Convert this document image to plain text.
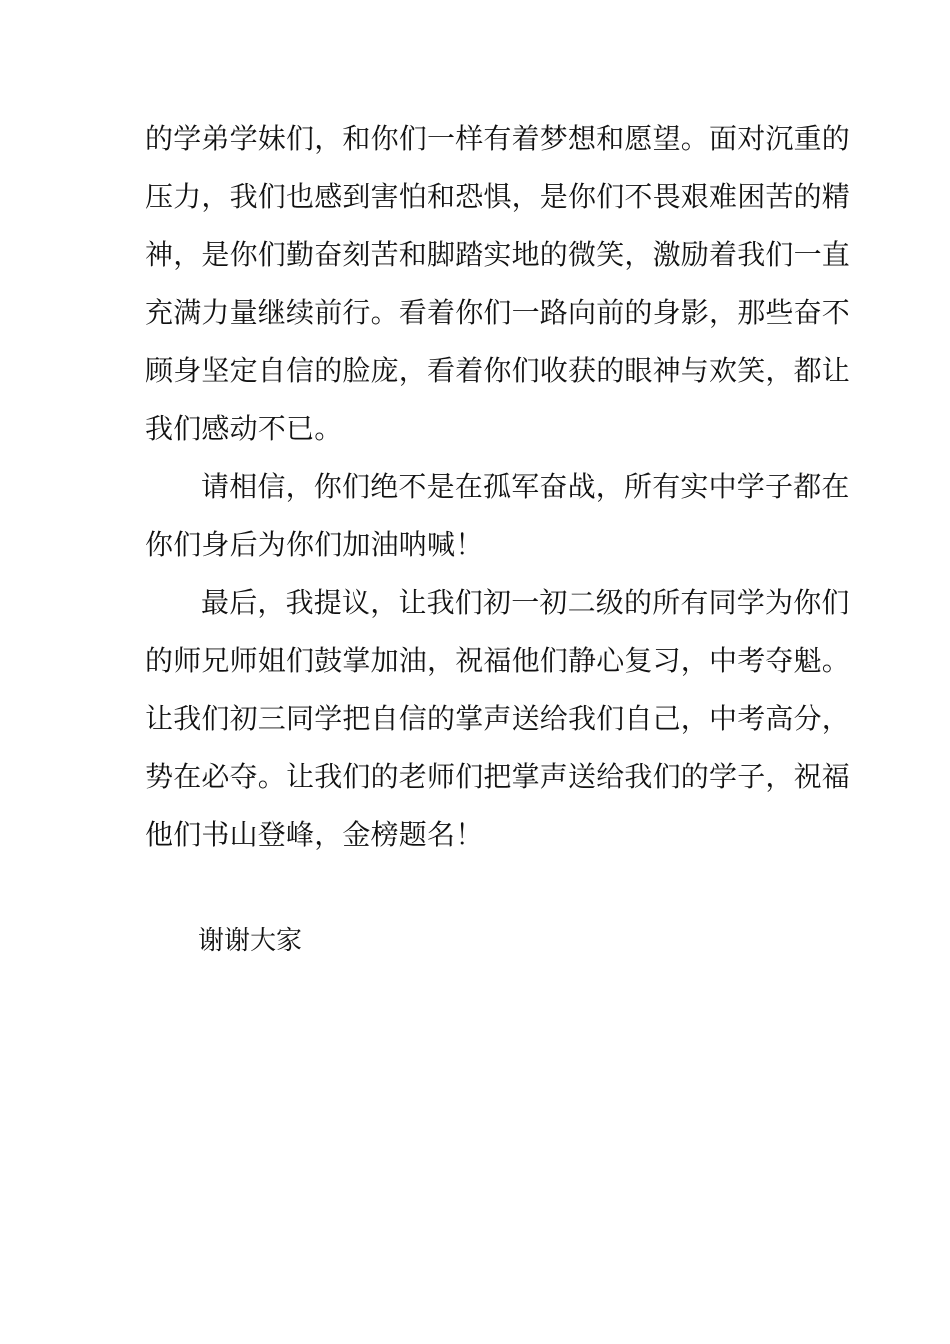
的学弟学妹们，和你们一样有着梦想和愿望。面对沉重的
压力，我们也感到害怕和恐惧，是你们不畏艰难困苦的精
神，是你们勤奋刻苦和脚踏实地的微笑，激励着我们一直
充满力量继续前行。看着你们一路向前的身影，那些奋不
顾身坚定自信的脸庞，看着你们收获的眼神与欢笑，都让
我们感动不已。
请相信，你们绝不是在孤军奋战，所有实中学子都在
你们身后为你们加油呐喊！
最后，我提议，让我们初一初二级的所有同学为你们
的师兄师姐们鼓掌加油，祝福他们静心复习，中考夺魁。
让我们初三同学把自信的掌声送给我们自己，中考高分，
势在必夺。让我们的老师们把掌声送给我们的学子，祝福
他们书山登峰，金榜题名！
谢谢大家
